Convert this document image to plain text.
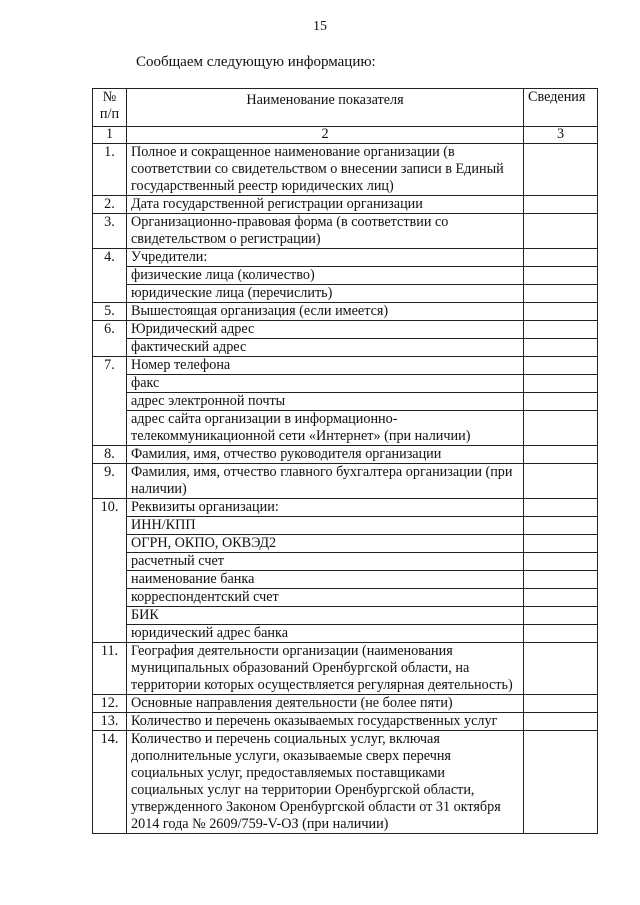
15
Сообщаем следующую информацию:
№
п/п	Наименование показателя	Сведения
1	2	3
1.	Полное и сокращенное наименование организации (в соответствии со свидетельством о внесении записи в Единый государственный реестр юридических лиц)	
2.	Дата государственной регистрации организации	
3.	Организационно-правовая форма (в соответствии со свидетельством о регистрации)	
4.	Учредители:	
	физические лица (количество)	
	юридические лица (перечислить)	
5.	Вышестоящая организация (если имеется)	
6.	Юридический адрес	
	фактический адрес	
7.	Номер телефона	
	факс	
	адрес электронной почты	
	адрес сайта организации в информационно-телекоммуникационной сети «Интернет» (при наличии)	
8.	Фамилия, имя, отчество руководителя организации	
9.	Фамилия, имя, отчество главного бухгалтера организации (при наличии)	
10.	Реквизиты организации:	
	ИНН/КПП	
	ОГРН, ОКПО, ОКВЭД2	
	расчетный счет	
	наименование банка	
	корреспондентский счет	
	БИК	
	юридический адрес банка	
11.	География деятельности организации (наименования муниципальных образований Оренбургской области, на территории которых осуществляется регулярная деятельность)	
12.	Основные направления деятельности (не более пяти)	
13.	Количество и перечень оказываемых государственных услуг	
14.	Количество и перечень социальных услуг, включая дополнительные услуги, оказываемые сверх перечня социальных услуг, предоставляемых поставщиками социальных услуг на территории Оренбургской области, утвержденного Законом Оренбургской области от 31 октября 2014 года № 2609/759-V-ОЗ (при наличии)	
